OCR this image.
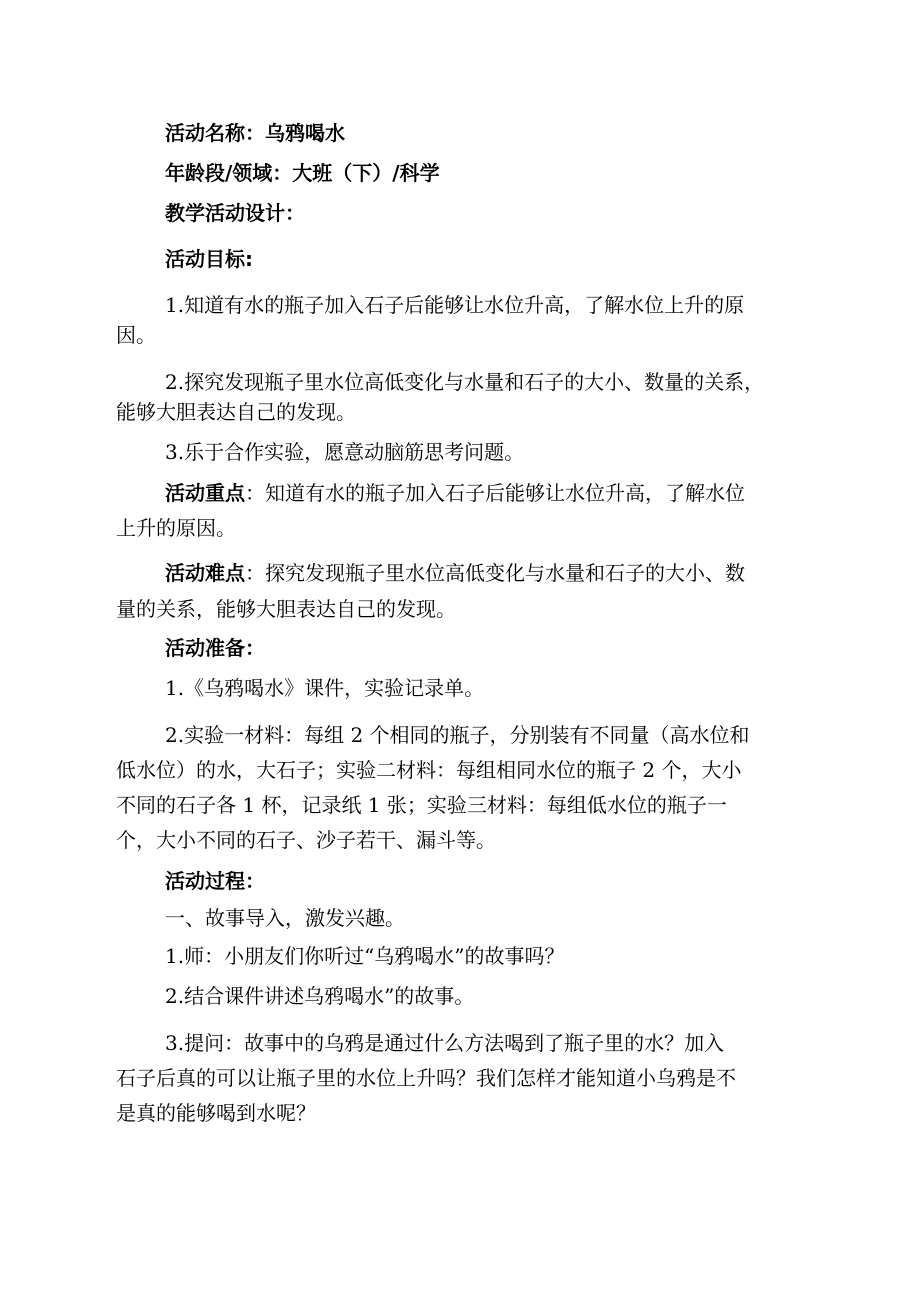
活动名称：乌鸦喝水
年龄段/领域：大班（下）/科学
教学活动设计：
活动目标:
1.知道有水的瓶子加入石子后能够让水位升高，了解水位上升的原
因。
2.探究发现瓶子里水位高低变化与水量和石子的大小、数量的关系，
能够大胆表达自己的发现。
3.乐于合作实验，愿意动脑筋思考问题。
活动重点：知道有水的瓶子加入石子后能够让水位升高，了解水位
上升的原因。
活动难点：探究发现瓶子里水位高低变化与水量和石子的大小、数
量的关系，能够大胆表达自己的发现。
活动准备：
1.《乌鸦喝水》课件，实验记录单。
2.实验一材料：每组 2 个相同的瓶子，分别装有不同量（高水位和
低水位）的水，大石子；实验二材料：每组相同水位的瓶子 2 个，大小
不同的石子各 1 杯，记录纸 1 张；实验三材料：每组低水位的瓶子一
个，大小不同的石子、沙子若干、漏斗等。
活动过程：
一、故事导入，激发兴趣。
1.师：小朋友们你听过“乌鸦喝水”的故事吗？
2.结合课件讲述乌鸦喝水”的故事。
3.提问：故事中的乌鸦是通过什么方法喝到了瓶子里的水？加入
石子后真的可以让瓶子里的水位上升吗？我们怎样才能知道小乌鸦是不
是真的能够喝到水呢？
